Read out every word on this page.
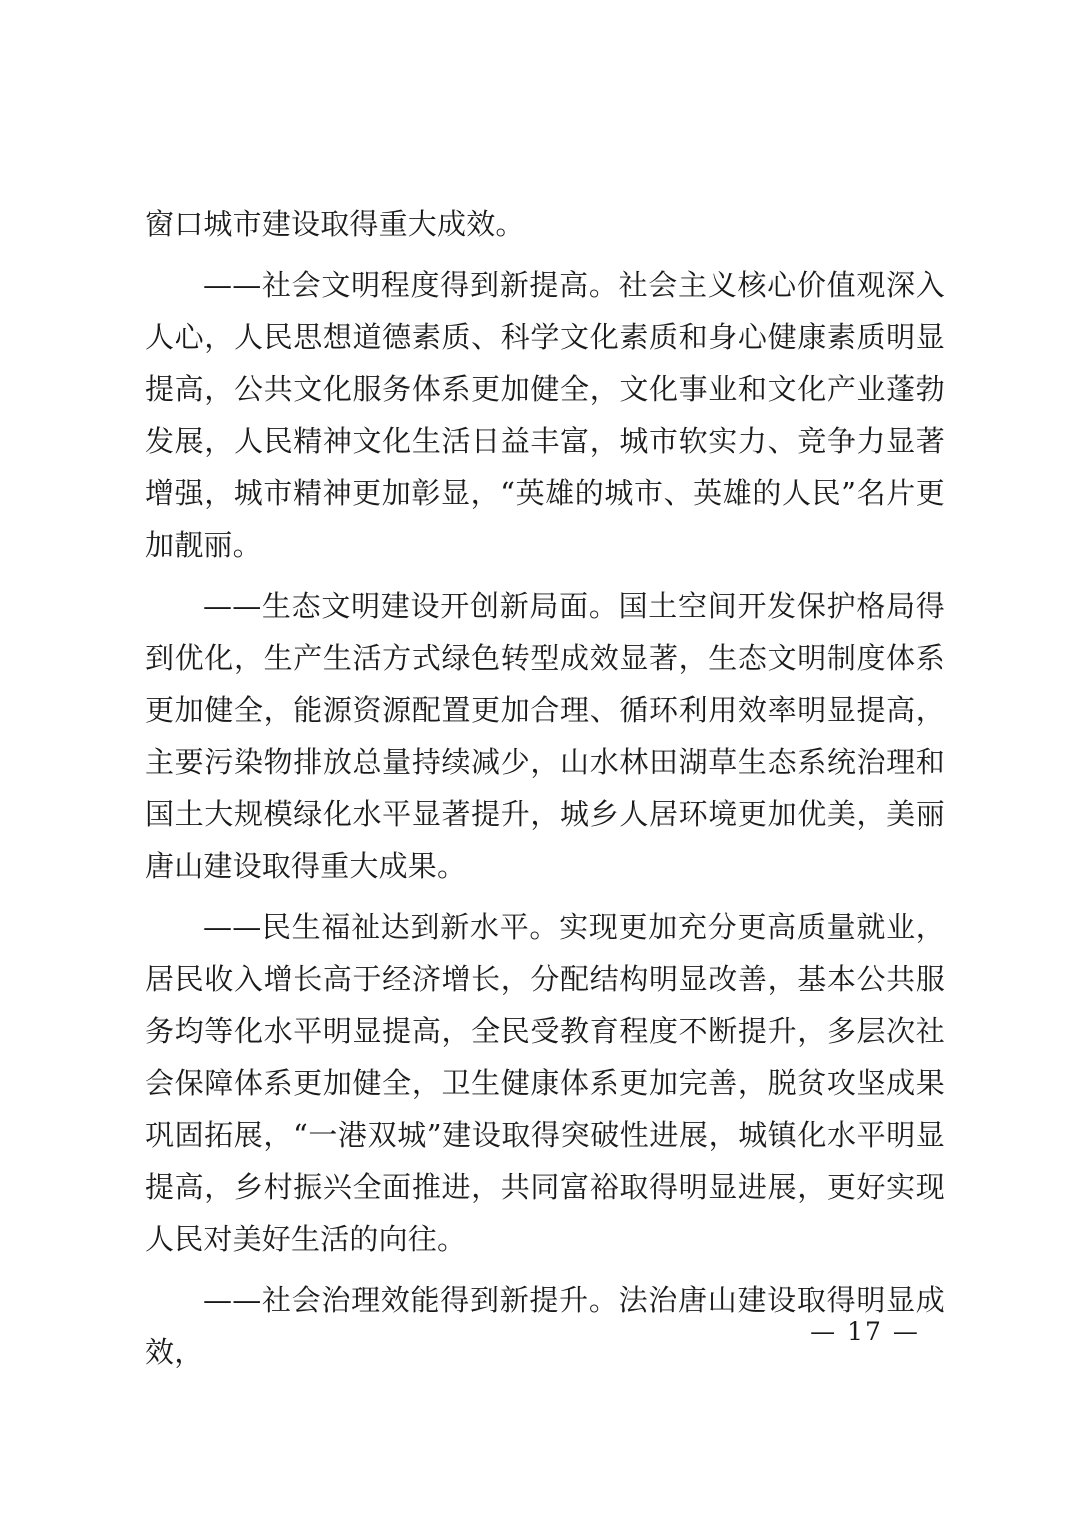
窗口城市建设取得重大成效。

——社会文明程度得到新提高。社会主义核心价值观深入人心，人民思想道德素质、科学文化素质和身心健康素质明显提高，公共文化服务体系更加健全，文化事业和文化产业蓬勃发展，人民精神文化生活日益丰富，城市软实力、竞争力显著增强，城市精神更加彰显，“英雄的城市、英雄的人民”名片更加靓丽。

——生态文明建设开创新局面。国土空间开发保护格局得到优化，生产生活方式绿色转型成效显著，生态文明制度体系更加健全，能源资源配置更加合理、循环利用效率明显提高，主要污染物排放总量持续减少，山水林田湖草生态系统治理和国土大规模绿化水平显著提升，城乡人居环境更加优美，美丽唐山建设取得重大成果。

——民生福祉达到新水平。实现更加充分更高质量就业，居民收入增长高于经济增长，分配结构明显改善，基本公共服务均等化水平明显提高，全民受教育程度不断提升，多层次社会保障体系更加健全，卫生健康体系更加完善，脱贫攻坚成果巩固拓展，“一港双城”建设取得突破性进展，城镇化水平明显提高，乡村振兴全面推进，共同富裕取得明显进展，更好实现人民对美好生活的向往。

——社会治理效能得到新提升。法治唐山建设取得明显成效，

— 17 —
